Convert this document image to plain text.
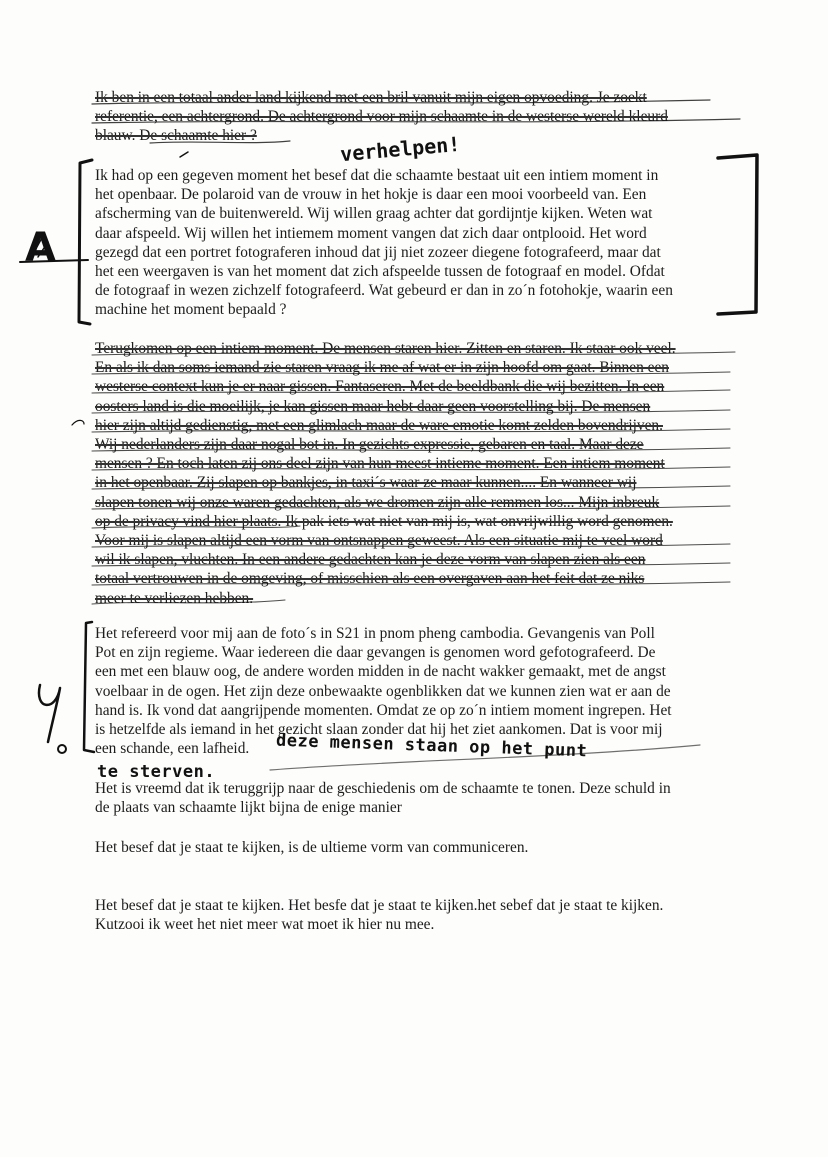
Ik ben in een totaal ander land kijkend met een bril vanuit mijn eigen opvoeding. Je zoekt
referentie, een achtergrond. De achtergrond voor mijn schaamte in de westerse wereld kleurd
blauw. De schaamte hier ?
Ik had op een gegeven moment het besef dat die schaamte bestaat uit een intiem moment in
het openbaar. De polaroid van de vrouw in het hokje is daar een mooi voorbeeld van. Een
afscherming van de buitenwereld. Wij willen graag achter dat gordijntje kijken. Weten wat
daar afspeeld. Wij willen het intiemem moment vangen dat zich daar ontplooid. Het word
gezegd dat een portret fotograferen inhoud dat jij niet zozeer diegene fotografeerd, maar dat
het een weergaven is van het moment dat zich afspeelde tussen de fotograaf en model. Ofdat
de fotograaf in wezen zichzelf fotografeerd. Wat gebeurd er dan in zo´n fotohokje, waarin een
machine het moment bepaald ?
Terugkomen op een intiem moment. De mensen staren hier. Zitten en staren. Ik staar ook veel.
En als ik dan soms iemand zie staren vraag ik me af wat er in zijn hoofd om gaat. Binnen een
westerse context kun je er naar gissen. Fantaseren. Met de beeldbank die wij bezitten. In een
oosters land is die moeilijk, je kan gissen maar hebt daar geen voorstelling bij. De mensen
hier zijn altijd gedienstig, met een glimlach maar de ware emotie komt zelden bovendrijven.
Wij nederlanders zijn daar nogal bot in. In gezichts expressie, gebaren en taal. Maar deze
mensen ? En toch laten zij ons deel zijn van hun meest intieme moment. Een intiem moment
in het openbaar. Zij slapen op bankjes, in taxi´s waar ze maar kunnen.... En wanneer wij
slapen tonen wij onze waren gedachten, als we dromen zijn alle remmen los... Mijn inbreuk
op de privacy vind hier plaats. Ik pak iets wat niet van mij is, wat onvrijwillig word genomen.
Voor mij is slapen altijd een vorm van ontsnappen geweest. Als een situatie mij te veel word
wil ik slapen, vluchten. In een andere gedachten kan je deze vorm van slapen zien als een
totaal vertrouwen in de omgeving, of misschien als een overgaven aan het feit dat ze niks
meer te verliezen hebben.
Het refereerd voor mij aan de foto´s in S21 in pnom pheng cambodia. Gevangenis van Poll
Pot en zijn regieme. Waar iedereen die daar gevangen is genomen word gefotografeerd. De
een met een blauw oog, de andere worden midden in de nacht wakker gemaakt, met de angst
voelbaar in de ogen. Het zijn deze onbewaakte ogenblikken dat we kunnen zien wat er aan de
hand is. Ik vond dat aangrijpende momenten. Omdat ze op zo´n intiem moment ingrepen. Het
is hetzelfde als iemand in het gezicht slaan zonder dat hij het ziet aankomen. Dat is voor mij
een schande, een lafheid.
Het is vreemd dat ik teruggrijp naar de geschiedenis om de schaamte te tonen. Deze schuld in
de plaats van schaamte lijkt bijna de enige manier
Het besef dat je staat te kijken, is de ultieme vorm van communiceren.
Het besef dat je staat te kijken. Het besfe dat je staat te kijken.het sebef dat je staat te kijken.
Kutzooi ik weet het niet meer wat moet ik hier nu mee.
verhelpen!
A
deze mensen staan op het punt
te sterven.
